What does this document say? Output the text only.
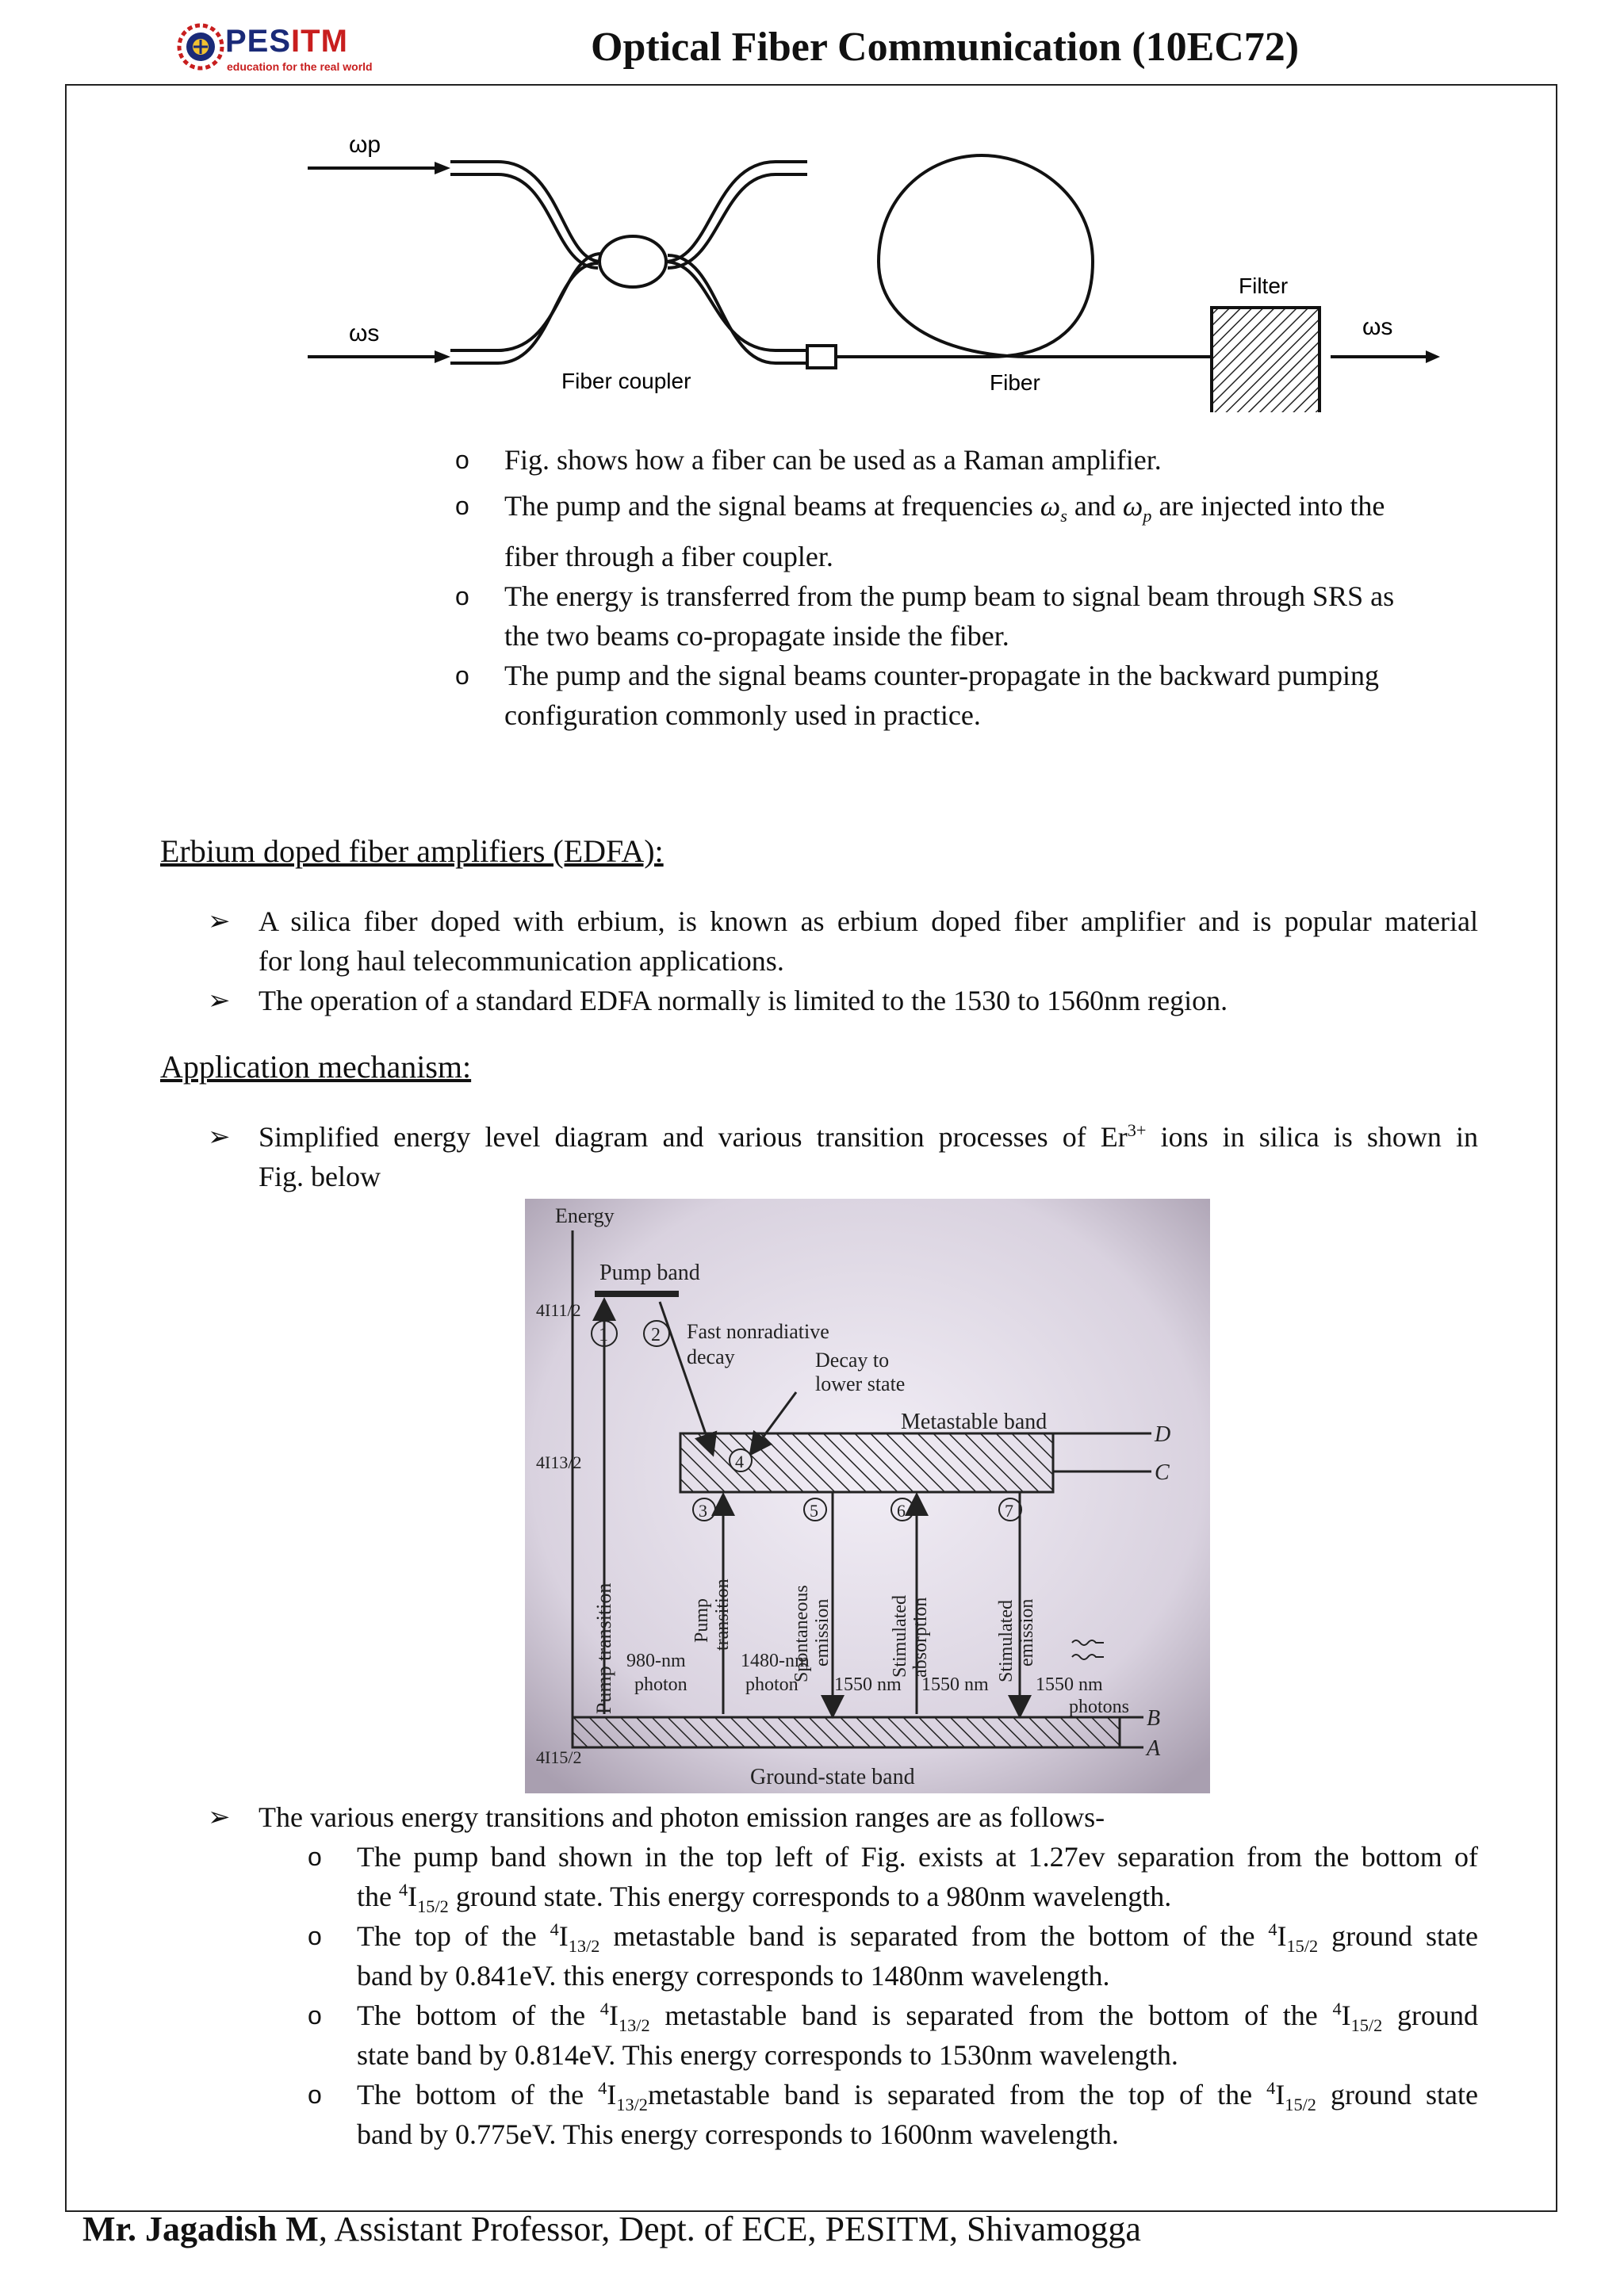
PESITM
education for the real world	Optical Fiber Communication (10EC72)
ωp
ωs
Fiber coupler	Fiber
Filter
ωs
o Fig. shows how a fiber can be used as a Raman amplifier.
o The pump and the signal beams at frequencies $\omega_s$ and $\omega_p$ are injected into the
fiber through a fiber coupler.
o The energy is transferred from the pump beam to signal beam through SRS as
the two beams co-propagate inside the fiber.
o The pump and the signal beams counter-propagate in the backward pumping
configuration commonly used in practice.
Erbium doped fiber amplifiers (EDFA):
➢ A silica fiber doped with erbium, is known as erbium doped fiber amplifier and is popular material
for long haul telecommunication applications.
➢ The operation of a standard EDFA normally is limited to the 1530 to 1560nm region.
Application mechanism:
➢ Simplified energy level diagram and various transition processes of $Er^{3+}$ ions in silica is shown in
Fig. below
Energy
Pump band
4I11/2
4I13/2
4I15/2
Metastable band
D
C
B
A
Ground-state band
Pump transition
1 2 Fast nonradiative
decay	Decay to
lower state
4
3
Pump transition
5
Spontaneous emission
6
Stimulated absorption
7
Stimulated emission
980-nm
photon
1480-nm
photon 1550 nm 1550 nm 1550 nm
photons
➢ The various energy transitions and photon emission ranges are as follows-
o The pump band shown in the top left of Fig. exists at 1.27ev separation from the bottom of
the $^4I_{15/2}$ ground state. This energy corresponds to a 980nm wavelength.
o The top of the $^4I_{13/2}$ metastable band is separated from the bottom of the $^4I_{15/2}$ ground state
band by 0.841eV. this energy corresponds to 1480nm wavelength.
o The bottom of the $^4I_{13/2}$ metastable band is separated from the bottom of the $^4I_{15/2}$ ground
state band by 0.814eV. This energy corresponds to 1530nm wavelength.
o The bottom of the $^4I_{13/2}metastable$ band is separated from the top of the $^4I_{15/2}$ ground state
band by 0.775eV. This energy corresponds to 1600nm wavelength.
Mr. Jagadish M, Assistant Professor, Dept. of ECE, PESITM, Shivamogga
